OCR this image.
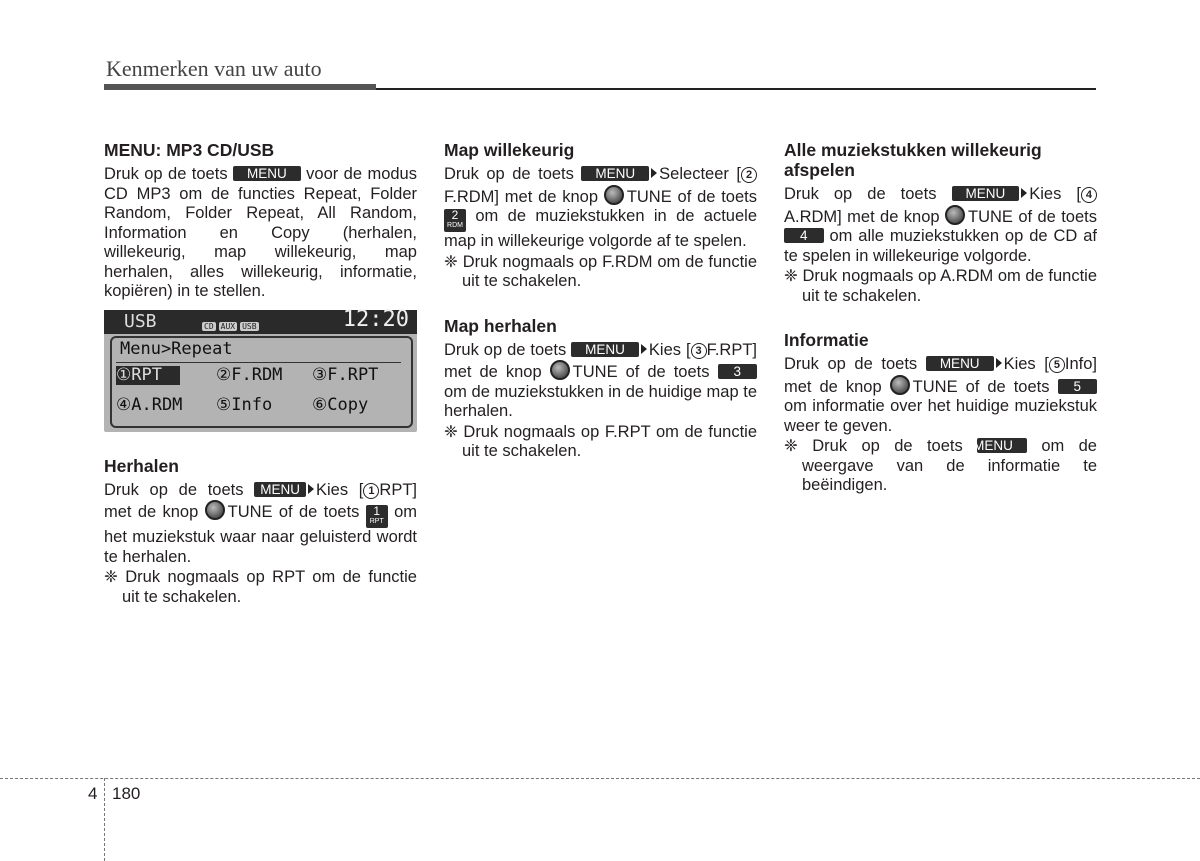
Kenmerken van uw auto
MENU: MP3 CD/USB

Druk op de toets MENU voor de modus CD MP3 om de functies Repeat, Folder Random, Folder Repeat, All Random, Information en Copy (herhalen, willekeurig, map willekeurig, map herhalen, alles willekeurig, informatie, kopiëren) in te stellen.

USB	CD AUX USB	12:20
Menu>Repeat
①RPT	②F.RDM ③F.RPT
④A.RDM ⑤Info ⑥Copy
Herhalen

Druk op de toets MENU Kies [ 1 RPT] met de knop TUNE of de toets	1
RPT
om het muziekstuk waar naar geluisterd wordt te herhalen.

❈ Druk nogmaals op RPT om de functie uit te schakelen.

Map willekeurig

Druk op de toets MENU Selecteer [ 2F.RDM] met de knop TUNE of de toets
2
RDM
om de muziekstukken in de actuele map in willekeurige volgorde af te spelen.

❈ Druk nogmaals op F.RDM om de functie uit te schakelen.

Map herhalen

Druk op de toets MENU Kies [ 3 F.RPT] met de knop TUNE of de toets 3 om de muziekstukken in de huidige map te herhalen.

❈ Druk nogmaals op F.RPT om de functie uit te schakelen.

Alle muziekstukken willekeurig afspelen

Druk op de toets MENU Kies [ 4A.RDM] met de knop TUNE of de toets 4 om alle muziekstukken op de CD af te spelen in willekeurige volgorde.

❈ Druk nogmaals op A.RDM om de functie uit te schakelen.

Informatie

Druk op de toets MENU Kies [ 5 Info] met de knop TUNE of de toets 5 om informatie over het huidige muziekstuk weer te geven.

❈ Druk op de toets MENU om de weergave van de informatie te beëindigen.

4 180
